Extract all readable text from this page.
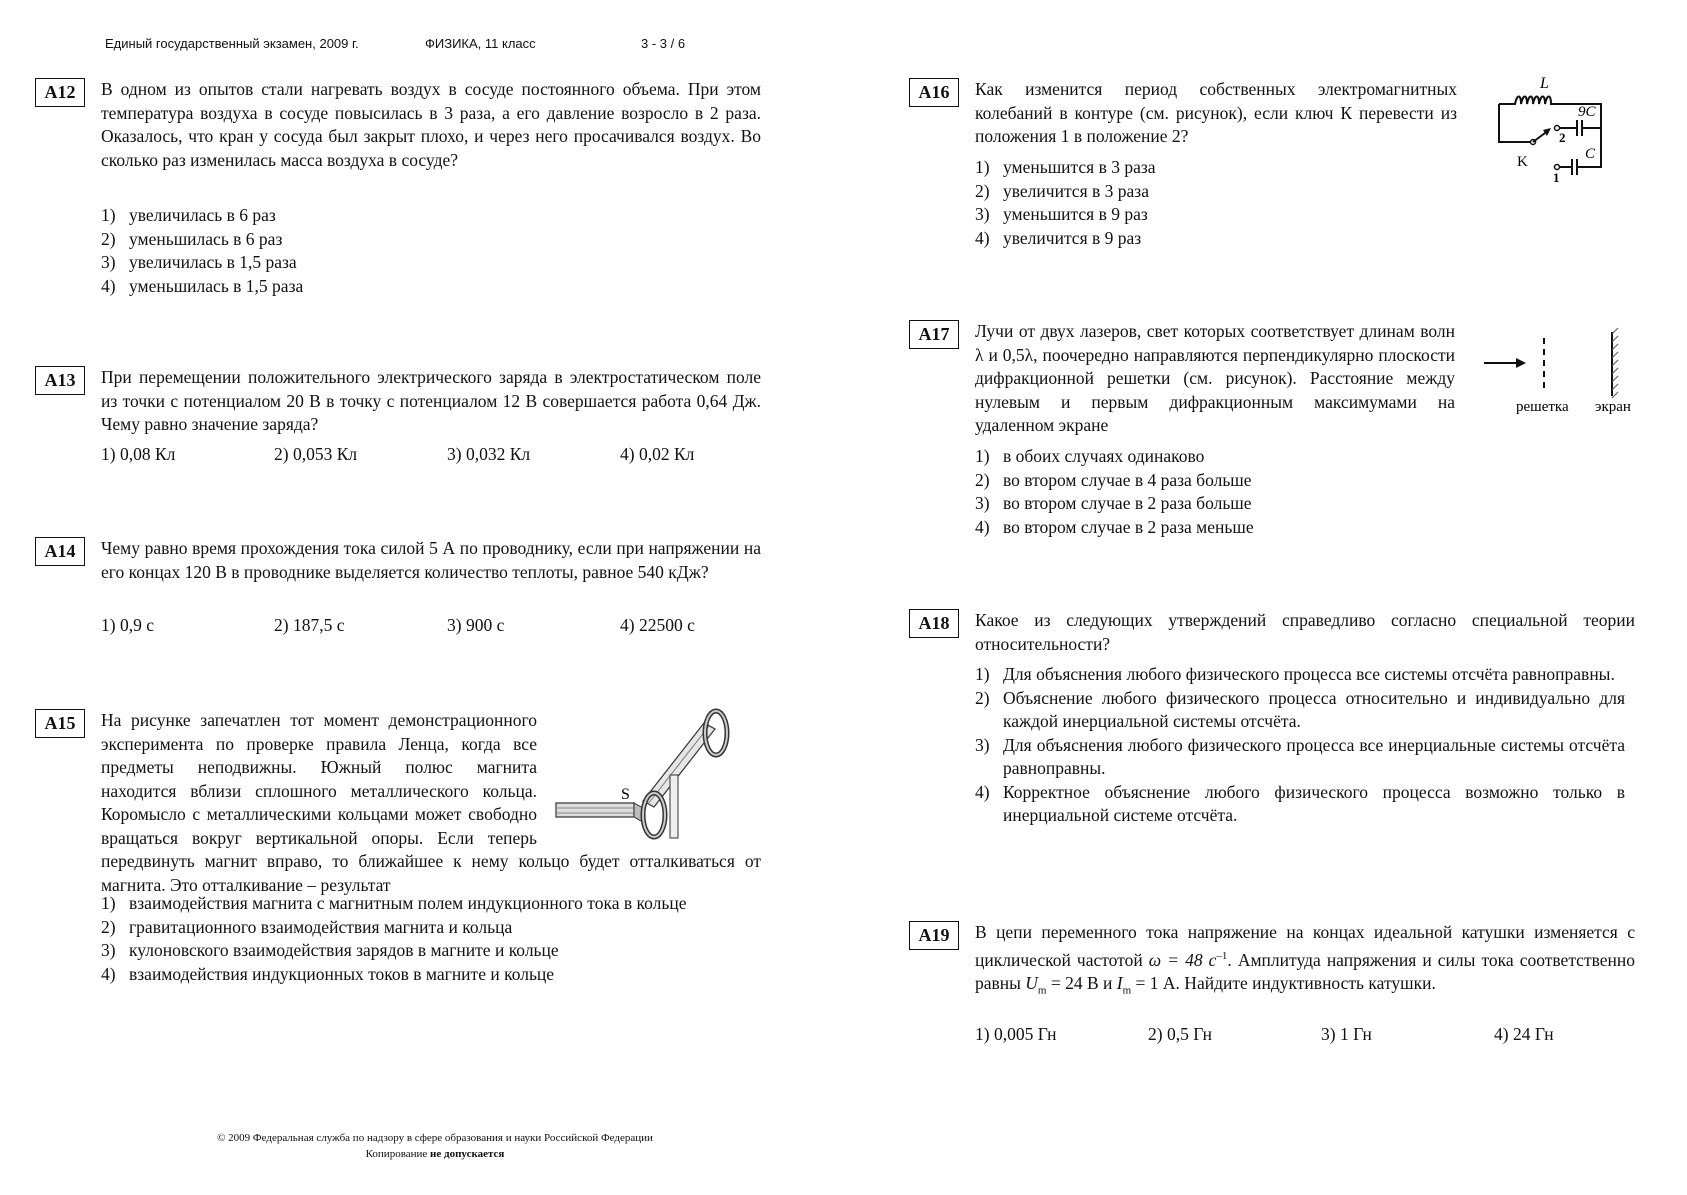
Единый государственный экзамен, 2009 г.	ФИЗИКА, 11 класс	3 - 3 / 6
A12	В одном из опытов стали нагревать воздух в сосуде постоянного объема. При этом температура воздуха в сосуде повысилась в 3 раза, а его давление возросло в 2 раза. Оказалось, что кран у сосуда был закрыт плохо, и через него просачивался воздух. Во сколько раз изменилась масса воздуха в сосуде?
1) увеличилась в 6 раз
2) уменьшилась в 6 раз
3) увеличилась в 1,5 раза
4) уменьшилась в 1,5 раза
A13	При перемещении положительного электрического заряда в электростатическом поле из точки с потенциалом 20 В в точку с потенциалом 12 В совершается работа 0,64 Дж. Чему равно значение заряда?
1) 0,08 Кл	2) 0,053 Кл	3) 0,032 Кл	4) 0,02 Кл
A14	Чему равно время прохождения тока силой 5 А по проводнику, если при напряжении на его концах 120 В в проводнике выделяется количество теплоты, равное 540 кДж?
1) 0,9 с	2) 187,5 с	3) 900 с	4) 22500 с
A15
S
На рисунке запечатлен тот момент демонстрационного эксперимента по проверке правила Ленца, когда все предметы неподвижны. Южный полюс магнита находится вблизи сплошного металлического кольца. Коромысло с металлическими кольцами может свободно вращаться вокруг вертикальной опоры. Если теперь передвинуть магнит вправо, то ближайшее к нему кольцо будет отталкиваться от магнита. Это отталкивание – результат
1) взаимодействия магнита с магнитным полем индукционного тока в кольце
2) гравитационного взаимодействия магнита и кольца
3) кулоновского взаимодействия зарядов в магните и кольце
4) взаимодействия индукционных токов в магните и кольце
A16	Как изменится период собственных электромагнитных колебаний в контуре (см. рисунок), если ключ К перевести из положения 1 в положение 2?
1) уменьшится в 3 раза
2) увеличится в 3 раза
3) уменьшится в 9 раз
4) увеличится в 9 раз
L
9C
C
K
2
1
A17	Лучи от двух лазеров, свет которых соответствует длинам волн λ и 0,5λ, поочередно направляются перпендикулярно плоскости дифракционной решетки (см. рисунок). Расстояние между нулевым и первым дифракционным максимумами на удаленном экране
1) в обоих случаях одинаково
2) во втором случае в 4 раза больше
3) во втором случае в 2 раза больше
4) во втором случае в 2 раза меньше
решетка экран
A18	Какое из следующих утверждений справедливо согласно специальной теории относительности?
1) Для объяснения любого физического процесса все системы отсчёта равноправны.
2) Объяснение любого физического процесса относительно и индивидуально для каждой инерциальной системы отсчёта.
3) Для объяснения любого физического процесса все инерциальные системы отсчёта равноправны.
4) Корректное объяснение любого физического процесса возможно только в инерциальной системе отсчёта.
A19	В цепи переменного тока напряжение на концах идеальной катушки изменяется с циклической частотой ω = 48 $с^{-1}$. Амплитуда напряжения и силы тока соответственно равны $U_m = 24$ В и $I_m = 1$ А. Найдите индуктивность катушки.
1) 0,005 Гн	2) 0,5 Гн	3) 1 Гн	4) 24 Гн
© 2009 Федеральная служба по надзору в сфере образования и науки Российской Федерации
Копирование не допускается
